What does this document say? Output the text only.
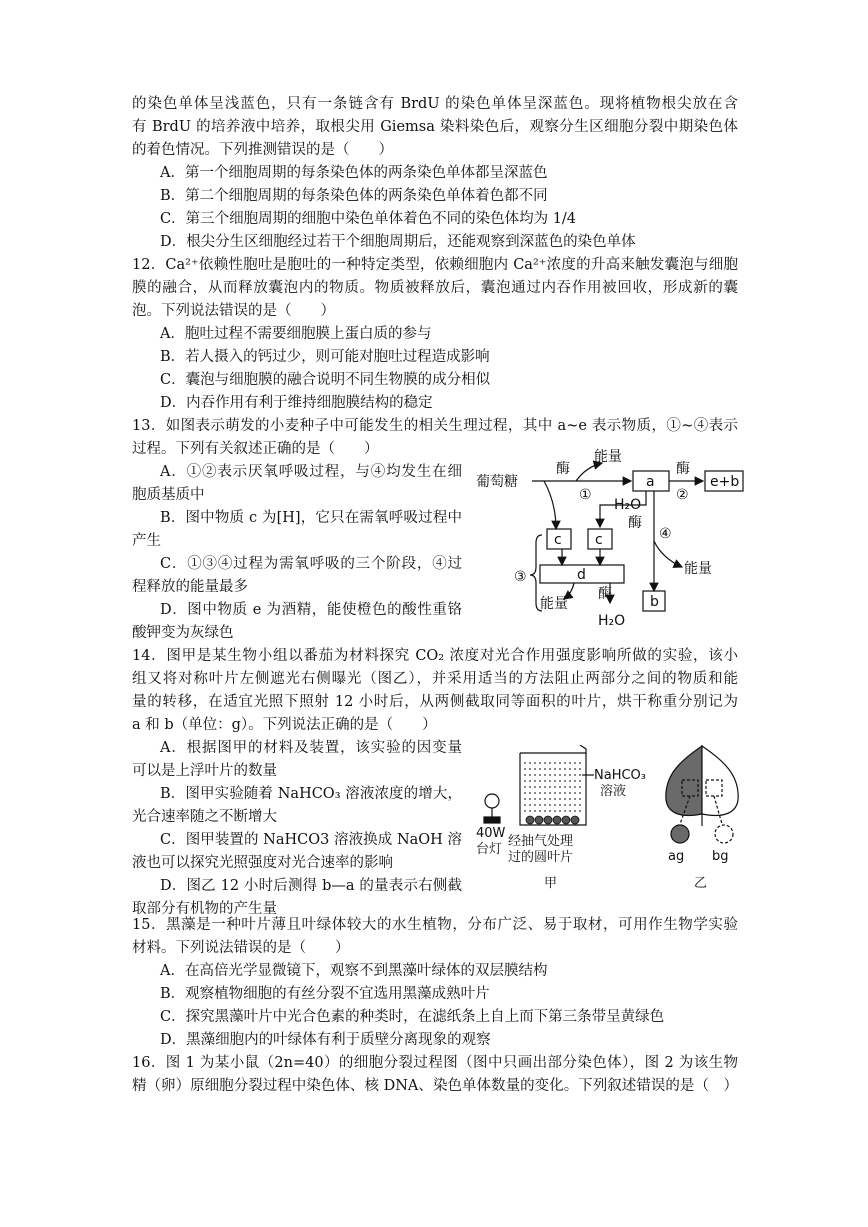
的染色单体呈浅蓝色，只有一条链含有 BrdU 的染色单体呈深蓝色。现将植物根尖放在含
有 BrdU 的培养液中培养，取根尖用 Giemsa 染料染色后，观察分生区细胞分裂中期染色体
的着色情况。下列推测错误的是（　　）
A．第一个细胞周期的每条染色体的两条染色单体都呈深蓝色
B．第二个细胞周期的每条染色体的两条染色单体着色都不同
C．第三个细胞周期的细胞中染色单体着色不同的染色体均为 1/4
D．根尖分生区细胞经过若干个细胞周期后，还能观察到深蓝色的染色单体
12．Ca²⁺依赖性胞吐是胞吐的一种特定类型，依赖细胞内 Ca²⁺浓度的升高来触发囊泡与细胞
膜的融合，从而释放囊泡内的物质。物质被释放后，囊泡通过内吞作用被回收，形成新的囊
泡。下列说法错误的是（　　）
A．胞吐过程不需要细胞膜上蛋白质的参与
B．若人摄入的钙过少，则可能对胞吐过程造成影响
C．囊泡与细胞膜的融合说明不同生物膜的成分相似
D．内吞作用有利于维持细胞膜结构的稳定
13．如图表示萌发的小麦种子中可能发生的相关生理过程，其中 a~e 表示物质，①~④表示
过程。下列有关叙述正确的是（　　）
A．①②表示厌氧呼吸过程，与④均发生在细
胞质基质中
B．图中物质 c 为[H]，它只在需氧呼吸过程中
产生
C．①③④过程为需氧呼吸的三个阶段，④过
程释放的能量最多
D．图中物质 e 为酒精，能使橙色的酸性重铬
酸钾变为灰绿色
葡萄糖
酶
能量
①
a
酶
②
e+b
H₂O
酶
④
c c
③	d	能量
能量
酶	b
H₂O
14．图甲是某生物小组以番茄为材料探究 CO₂ 浓度对光合作用强度影响所做的实验，该小
组又将对称叶片左侧遮光右侧曝光（图乙），并采用适当的方法阻止两部分之间的物质和能
量的转移，在适宜光照下照射 12 小时后，从两侧截取同等面积的叶片，烘干称重分别记为
a 和 b（单位：g）。下列说法正确的是（　　）
A．根据图甲的材料及装置，该实验的因变量
可以是上浮叶片的数量
B．图甲实验随着 NaHCO₃ 溶液浓度的增大，
光合速率随之不断增大
C．图甲装置的 NaHCO3 溶液换成 NaOH 溶
液也可以探究光照强度对光合速率的影响
D．图乙 12 小时后测得 b—a 的量表示右侧截
取部分有机物的产生量
NaHCO₃
溶液
40W
台灯
经抽气处理
过的圆叶片
甲
ag bg
乙
15．黑藻是一种叶片薄且叶绿体较大的水生植物，分布广泛、易于取材，可用作生物学实验
材料。下列说法错误的是（　　）
A．在高倍光学显微镜下，观察不到黑藻叶绿体的双层膜结构
B．观察植物细胞的有丝分裂不宜选用黑藻成熟叶片
C．探究黑藻叶片中光合色素的种类时，在滤纸条上自上而下第三条带呈黄绿色
D．黑藻细胞内的叶绿体有利于质壁分离现象的观察
16．图 1 为某小鼠（2n=40）的细胞分裂过程图（图中只画出部分染色体），图 2 为该生物
精（卵）原细胞分裂过程中染色体、核 DNA、染色单体数量的变化。下列叙述错误的是（　）
